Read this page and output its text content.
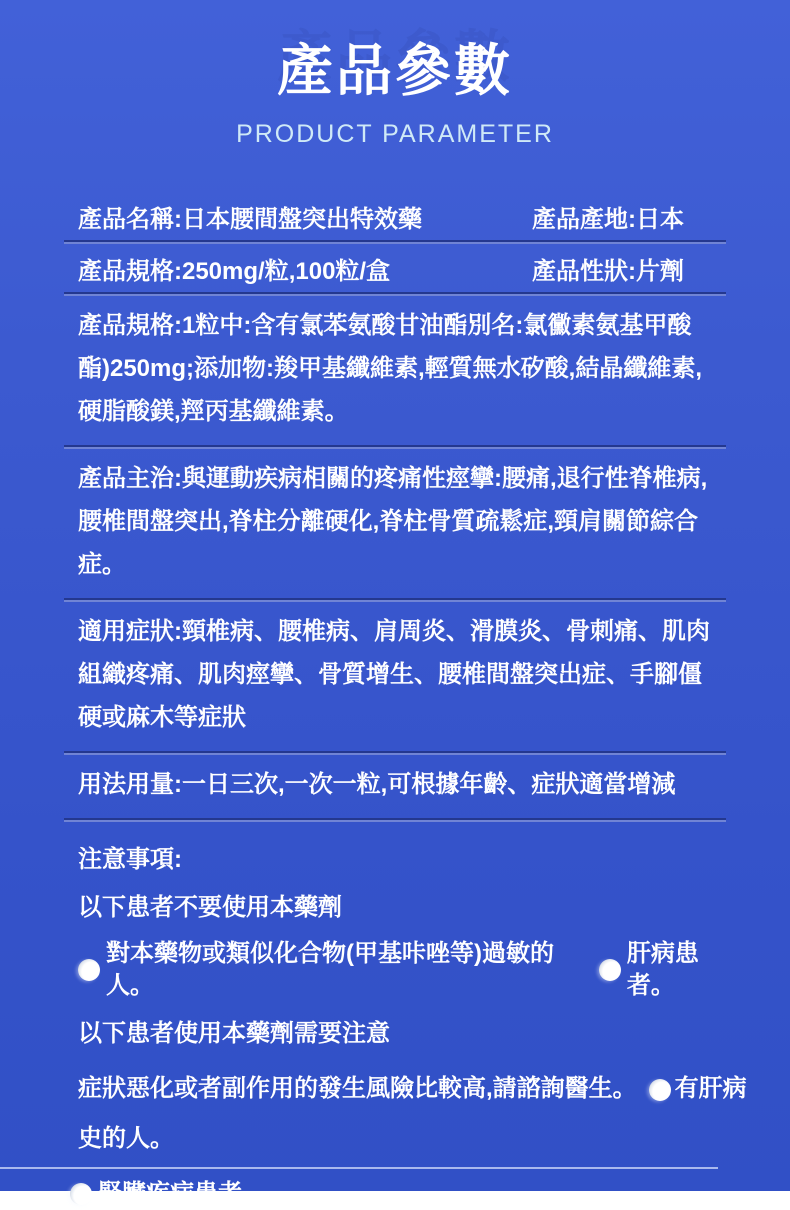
產品參數
PRODUCT PARAMETER
產品名稱:日本腰間盤突出特效藥	產品產地:日本
產品規格:250mg/粒,100粒/盒	產品性狀:片劑

產品規格:1粒中:含有氯苯氨酸甘油酯別名:氯黴素氨基甲酸酯)250mg;添加物:羧甲基纖維素,輕質無水矽酸,結晶纖維素,硬脂酸鎂,羥丙基纖維素。

產品主治:與運動疾病相關的疼痛性痙攣:腰痛,退行性脊椎病,腰椎間盤突出,脊柱分離硬化,脊柱骨質疏鬆症,頸肩關節綜合症。

適用症狀:頸椎病、腰椎病、肩周炎、滑膜炎、骨刺痛、肌肉組織疼痛、肌肉痙攣、骨質增生、腰椎間盤突出症、手腳僵硬或麻木等症狀

用法用量:一日三次,一次一粒,可根據年齡、症狀適當增減

注意事項:

以下患者不要使用本藥劑

對本藥物或類似化合物(甲基咔唑等)過敏的人。
肝病患者。

以下患者使用本藥劑需要注意

症狀惡化或者副作用的發生風險比較高,請諮詢醫生。 有肝病史的人。

腎臟疾病患者。
